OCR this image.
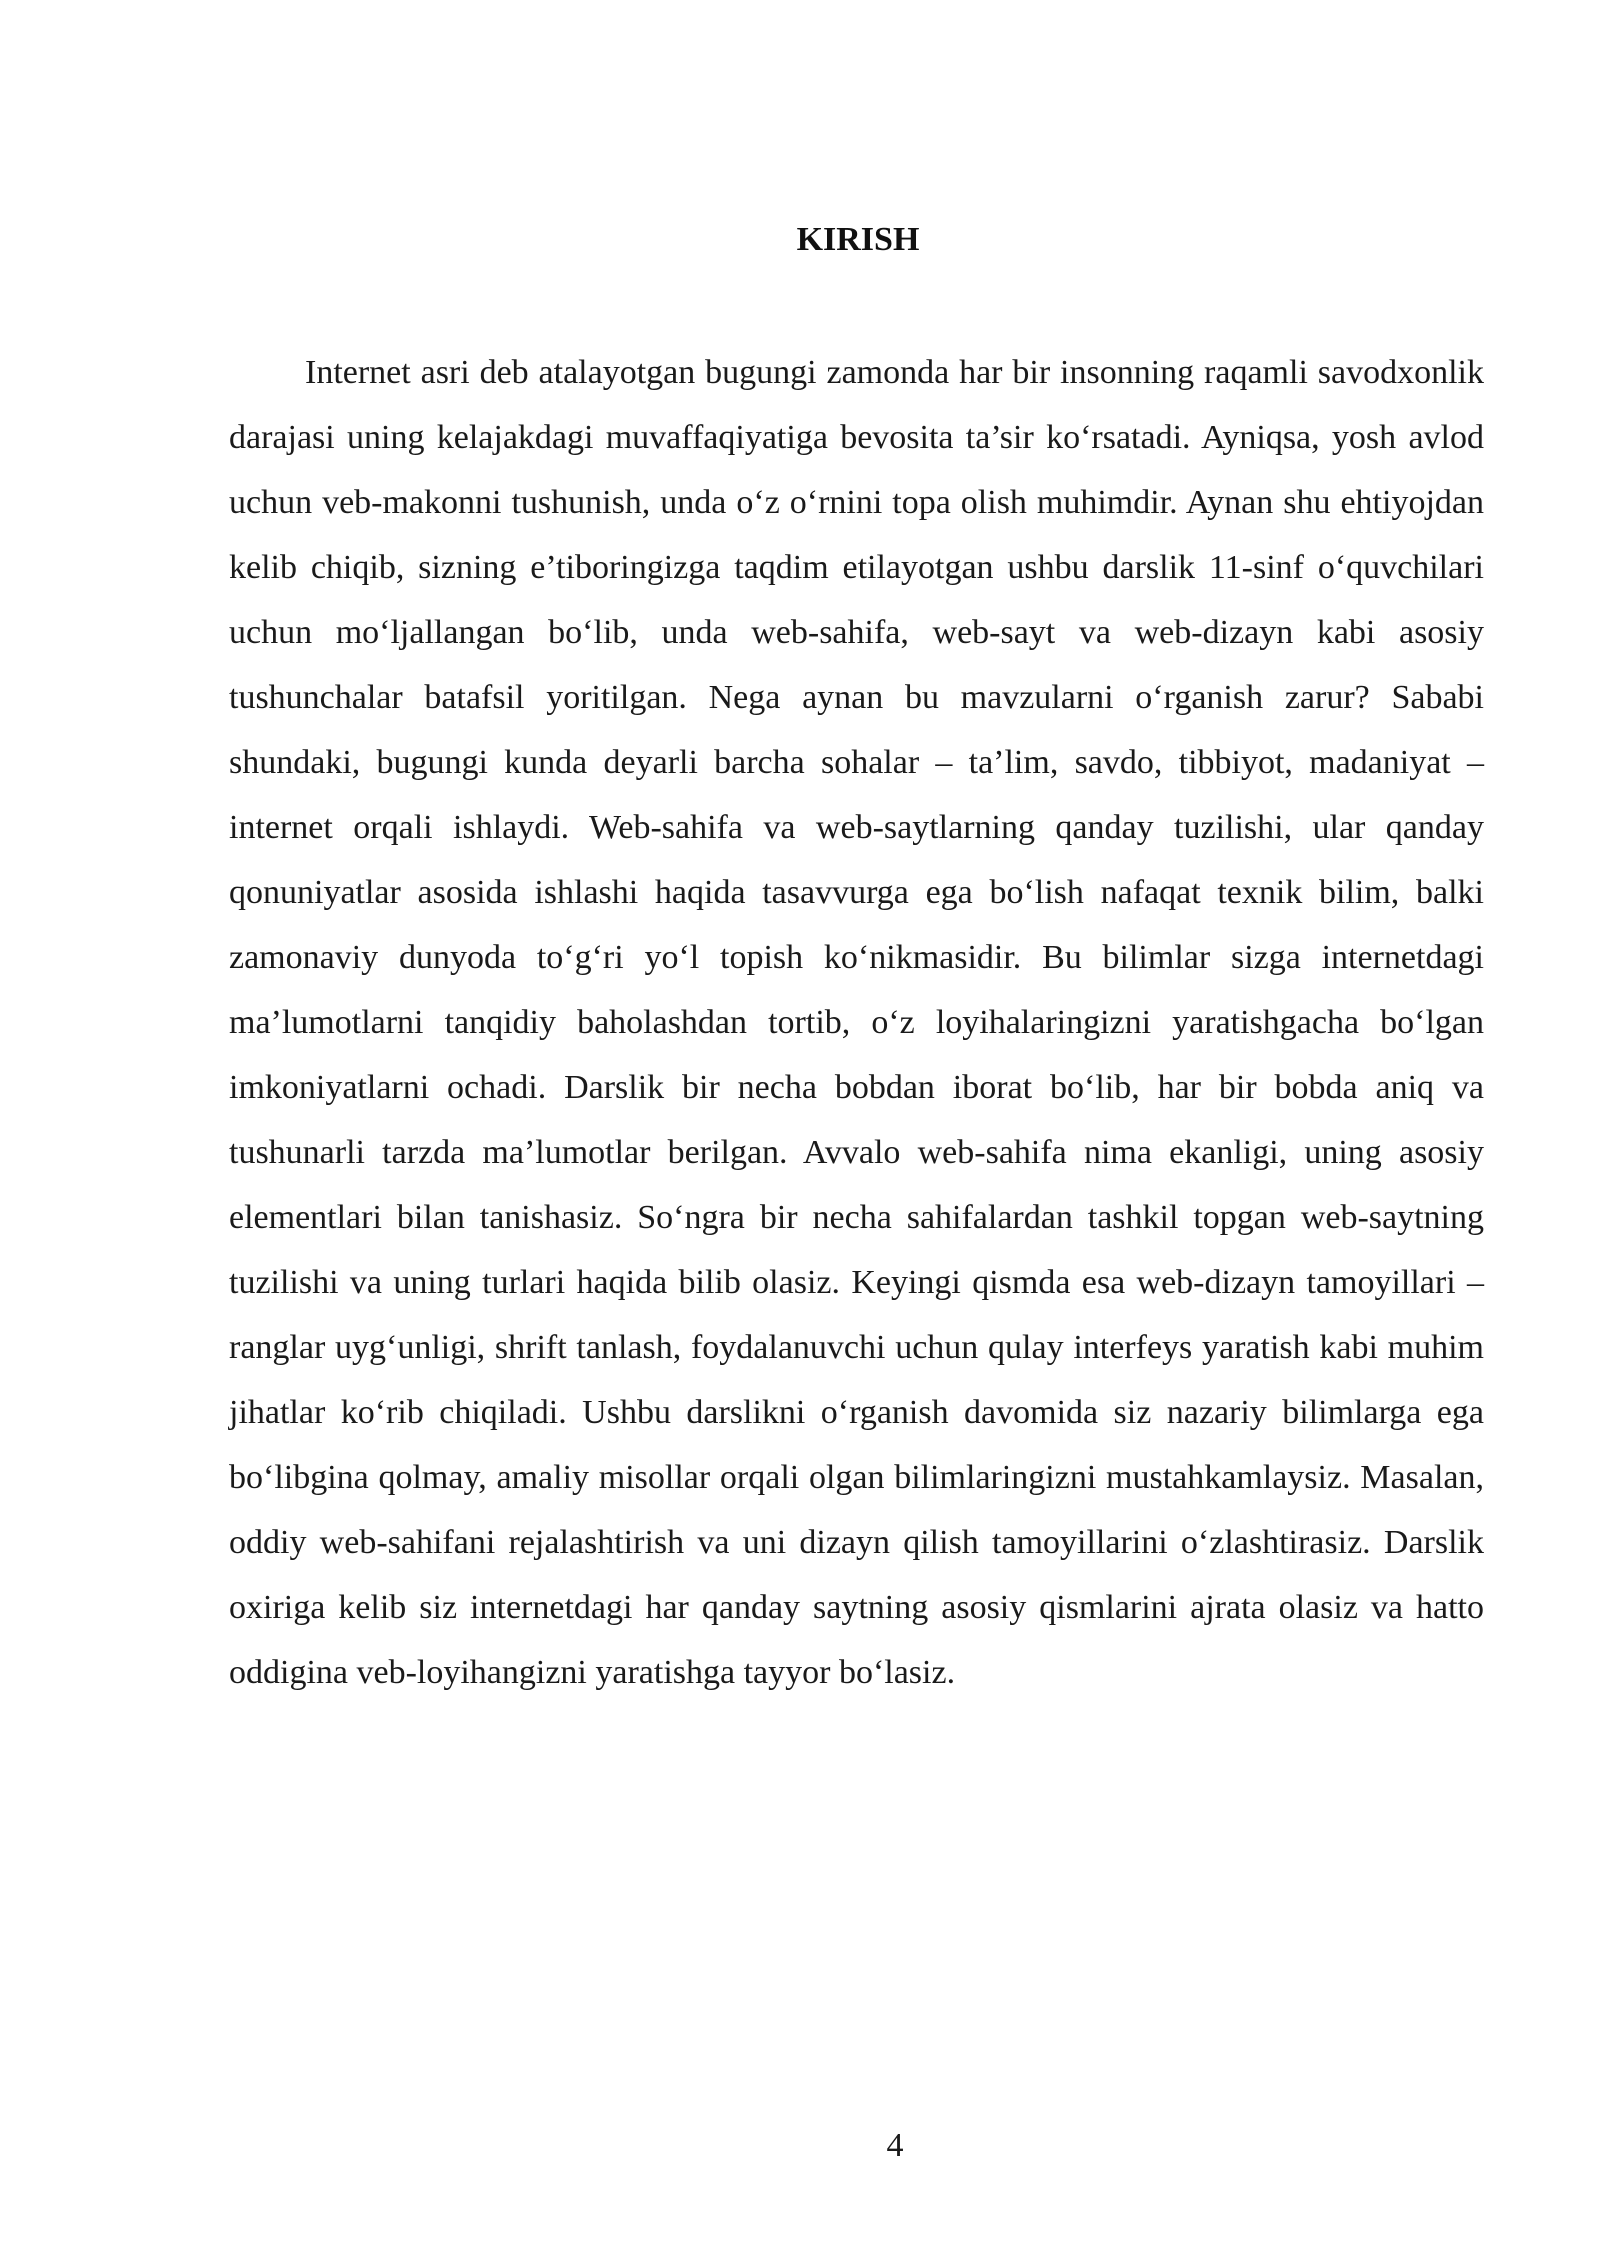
KIRISH

Internet asri deb atalayotgan bugungi zamonda har bir insonning raqamli savodxonlik darajasi uning kelajakdagi muvaffaqiyatiga bevosita ta’sir ko‘rsatadi. Ayniqsa, yosh avlod uchun veb-makonni tushunish, unda o‘z o‘rnini topa olish muhimdir. Aynan shu ehtiyojdan kelib chiqib, sizning e’tiboringizga taqdim etilayotgan ushbu darslik 11-sinf o‘quvchilari uchun mo‘ljallangan bo‘lib, unda web-sahifa, web-sayt va web-dizayn kabi asosiy tushunchalar batafsil yoritilgan. Nega aynan bu mavzularni o‘rganish zarur? Sababi shundaki, bugungi kunda deyarli barcha sohalar – ta’lim, savdo, tibbiyot, madaniyat – internet orqali ishlaydi. Web-sahifa va web-saytlarning qanday tuzilishi, ular qanday qonuniyatlar asosida ishlashi haqida tasavvurga ega bo‘lish nafaqat texnik bilim, balki zamonaviy dunyoda to‘g‘ri yo‘l topish ko‘nikmasidir. Bu bilimlar sizga internetdagi ma’lumotlarni tanqidiy baholashdan tortib, o‘z loyihalaringizni yaratishgacha bo‘lgan imkoniyatlarni ochadi. Darslik bir necha bobdan iborat bo‘lib, har bir bobda aniq va tushunarli tarzda ma’lumotlar berilgan. Avvalo web-sahifa nima ekanligi, uning asosiy elementlari bilan tanishasiz. So‘ngra bir necha sahifalardan tashkil topgan web-saytning tuzilishi va uning turlari haqida bilib olasiz. Keyingi qismda esa web-dizayn tamoyillari – ranglar uyg‘unligi, shrift tanlash, foydalanuvchi uchun qulay interfeys yaratish kabi muhim jihatlar ko‘rib chiqiladi. Ushbu darslikni o‘rganish davomida siz nazariy bilimlarga ega bo‘libgina qolmay, amaliy misollar orqali olgan bilimlaringizni mustahkamlaysiz. Masalan, oddiy web-sahifani rejalashtirish va uni dizayn qilish tamoyillarini o‘zlashtirasiz. Darslik oxiriga kelib siz internetdagi har qanday saytning asosiy qismlarini ajrata olasiz va hatto oddigina veb-loyihangizni yaratishga tayyor bo‘lasiz.

4
